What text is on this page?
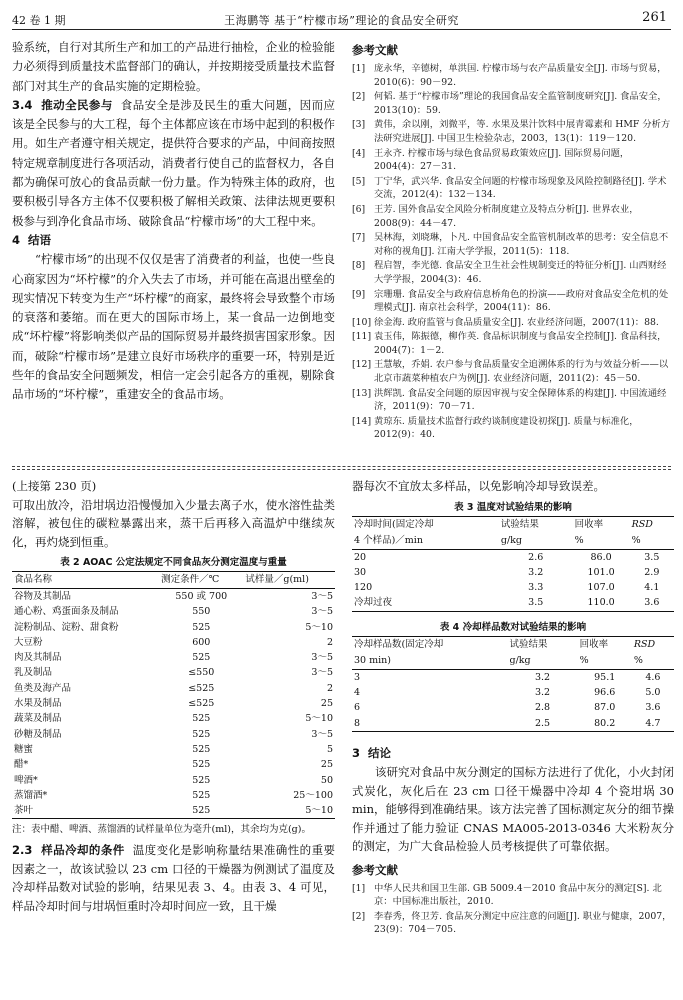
42 卷 1 期	王海鹏等 基于“柠檬市场”理论的食品安全研究	261

验系统，自行对其所生产和加工的产品进行抽检，企业的检验能力必须得到质量技术监督部门的确认，并按期接受质量技术监督部门对其生产的食品实施的定期检验。

3.4 推动全民参与 食品安全是涉及民生的重大问题，因而应该是全民参与的大工程，每个主体都应该在市场中起到的积极作用。如生产者遵守相关规定，提供符合要求的产品，中间商按照特定规章制度进行各项活动，消费者行使自己的监督权力，各自都为确保可放心的食品贡献一份力量。作为特殊主体的政府，也要积极引导各方主体不仅要积极了解相关政策、法律法规更要积极参与到净化食品市场、破除食品“柠檬市场”的大工程中来。

4 结语

“柠檬市场”的出现不仅仅是害了消费者的利益，也使一些良心商家因为“坏柠檬”的介入失去了市场，并可能在高退出壁垒的现实情况下转变为生产“坏柠檬”的商家，最终将会导致整个市场的衰落和萎缩。而在更大的国际市场上，某一食品一边倒地变成“坏柠檬”将影响类似产品的国际贸易并最终损害国家形象。因而，破除“柠檬市场”是建立良好市场秩序的重要一环，特别是近些年的食品安全问题频发，相信一定会引起各方的重视，剔除食品市场的“坏柠檬”，重建安全的食品市场。

参考文献
[1] 庞永华，辛德树，单洪国. 柠檬市场与农产品质量安全[J]. 市场与贸易，2010(6)：90－92.
[2] 何韬. 基于“柠檬市场”理论的我国食品安全监管制度研究[J]. 食品安全，2013(10)：59.
[3] 黄伟，余以刚，刘微平，等. 水果及果汁饮料中展青霉素和 HMF 分析方法研究进展[J]. 中国卫生检验杂志，2003，13(1)：119－120.
[4] 王永齐. 柠檬市场与绿色食品贸易政策效应[J]. 国际贸易问题，2004(4)：27－31.
[5] 丁宁华，武兴华. 食品安全问题的柠檬市场现象及风险控制路径[J]. 学术交流，2012(4)：132－134.
[6] 王芳. 国外食品安全风险分析制度建立及特点分析[J]. 世界农业，2008(9)：44－47.
[7] 吴林海，刘晓琳，卜凡. 中国食品安全监管机制改革的思考：安全信息不对称的视角[J]. 江南大学学报，2011(5)：118.
[8] 程启智，李光德. 食品安全卫生社会性规制变迁的特征分析[J]. 山西财经大学学报，2004(3)：46.
[9] 宗珊珊. 食品安全与政府信息桥角色的扮演——政府对食品安全危机的处理模式[J]. 南京社会科学，2004(11)：86.
[10] 徐金海. 政府监管与食品质量安全[J]. 农业经济问题，2007(11)：88.
[11] 袁玉伟，陈振德，柳作英. 食品标识制度与食品安全控制[J]. 食品科技，2004(7)：1－2.
[12] 王慧敏，乔娟. 农户参与食品质量安全追溯体系的行为与效益分析——以北京市蔬菜种植农户为例[J]. 农业经济问题，2011(2)：45－50.
[13] 洪辉凯. 食品安全问题的原因审视与安全保障体系的构建[J]. 中国流通经济，2011(9)：70－71.
[14] 黄琼东. 质量技术监督行政约谈制度建设初探[J]. 质量与标准化，2012(9)：40.
(上接第 230 页)

可取出放冷，沿坩埚边沿慢慢加入少量去离子水，使水溶性盐类溶解，被包住的碳粒暴露出来，蒸干后再移入高温炉中继续灰化，再灼烧到恒重。

表 2 AOAC 公定法规定不同食品灰分测定温度与重量
食品名称	测定条件／℃	试样量／g(ml)
谷物及其制品	550 或 700	3～5
通心粉、鸡蛋面条及制品	550	3～5
淀粉制品、淀粉、甜食粉	525	5～10
大豆粉	600	2
肉及其制品	525	3～5
乳及制品	≤550	3～5
鱼类及海产品	≤525	2
水果及制品	≤525	25
蔬菜及制品	525	5～10
砂糖及制品	525	3～5
糖蜜	525	5
醋*	525	25
啤酒*	525	50
蒸馏酒*	525	25～100
茶叶	525	5～10
注：表中醋、啤酒、蒸馏酒的试样量单位为毫升(ml)，其余均为克(g)。

2.3 样品冷却的条件 温度变化是影响称量结果准确性的重要因素之一，故该试验以 23 cm 口径的干燥器为例测试了温度及冷却样品数对试验的影响，结果见表 3、4。由表 3、4 可见，样品冷却时间与坩埚恒重时冷却时间应一致，且干燥

器每次不宜放太多样品，以免影响冷却导致误差。

表 3 温度对试验结果的影响
冷却时间(固定冷却	试验结果	回收率	RSD
4 个样品)／min	g/kg	%	%
20	2.6	86.0	3.5
30	3.2	101.0	2.9
120	3.3	107.0	4.1
冷却过夜	3.5	110.0	3.6
表 4 冷却样品数对试验结果的影响
冷却样品数(固定冷却	试验结果	回收率	RSD
30 min)	g/kg	%	%
3	3.2	95.1	4.6
4	3.2	96.6	5.0
6	2.8	87.0	3.6
8	2.5	80.2	4.7
3 结论

该研究对食品中灰分测定的国标方法进行了优化，小火封闭式炭化，灰化后在 23 cm 口径干燥器中冷却 4 个瓷坩埚 30 min，能够得到准确结果。该方法完善了国标测定灰分的细节操作并通过了能力验证 CNAS MA005-2013-0346 大米粉灰分的测定，为广大食品检验人员考核提供了可靠依据。

参考文献
[1] 中华人民共和国卫生部. GB 5009.4－2010 食品中灰分的测定[S]. 北京：中国标准出版社，2010.
[2] 李春秀，佟卫芳. 食品灰分测定中应注意的问题[J]. 职业与健康，2007，23(9)：704－705.
